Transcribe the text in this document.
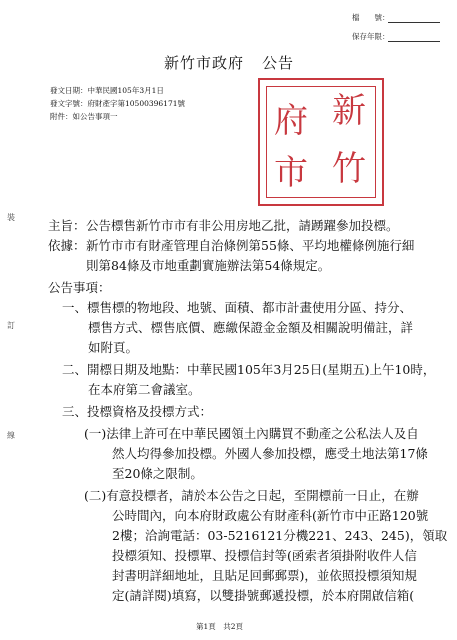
檔　　號：
保存年限：
新竹市政府 公告
發文日期：中華民國105年3月1日
發文字號：府財產字第10500396171號
附件：如公告事項一	府 新
市 竹
裝
訂
線
主旨： 公告標售新竹市市有非公用房地乙批，請踴躍參加投標。
依據： 新竹市市有財產管理自治條例第55條、平均地權條例施行細
則第84條及市地重劃實施辦法第54條規定。
公告事項：
一、標售標的物地段、地號、面積、都市計畫使用分區、持分、
標售方式、標售底價、應繳保證金金額及相關說明備註，詳
如附頁。
二、開標日期及地點：中華民國105年3月25日(星期五)上午10時，
在本府第二會議室。
三、投標資格及投標方式：
(一)法律上許可在中華民國領土內購買不動產之公私法人及自
然人均得參加投標。外國人參加投標，應受土地法第17條
至20條之限制。
(二)有意投標者，請於本公告之日起，至開標前一日止，在辦
公時間內，向本府財政處公有財產科(新竹市中正路120號
2樓；洽詢電話：03-5216121分機221、243、245)，領取
投標須知、投標單、投標信封等(函索者須掛附收件人信
封書明詳細地址，且貼足回郵郵票)，並依照投標須知規
定(請詳閱)填寫，以雙掛號郵遞投標，於本府開啟信箱(
第1頁　共2頁
